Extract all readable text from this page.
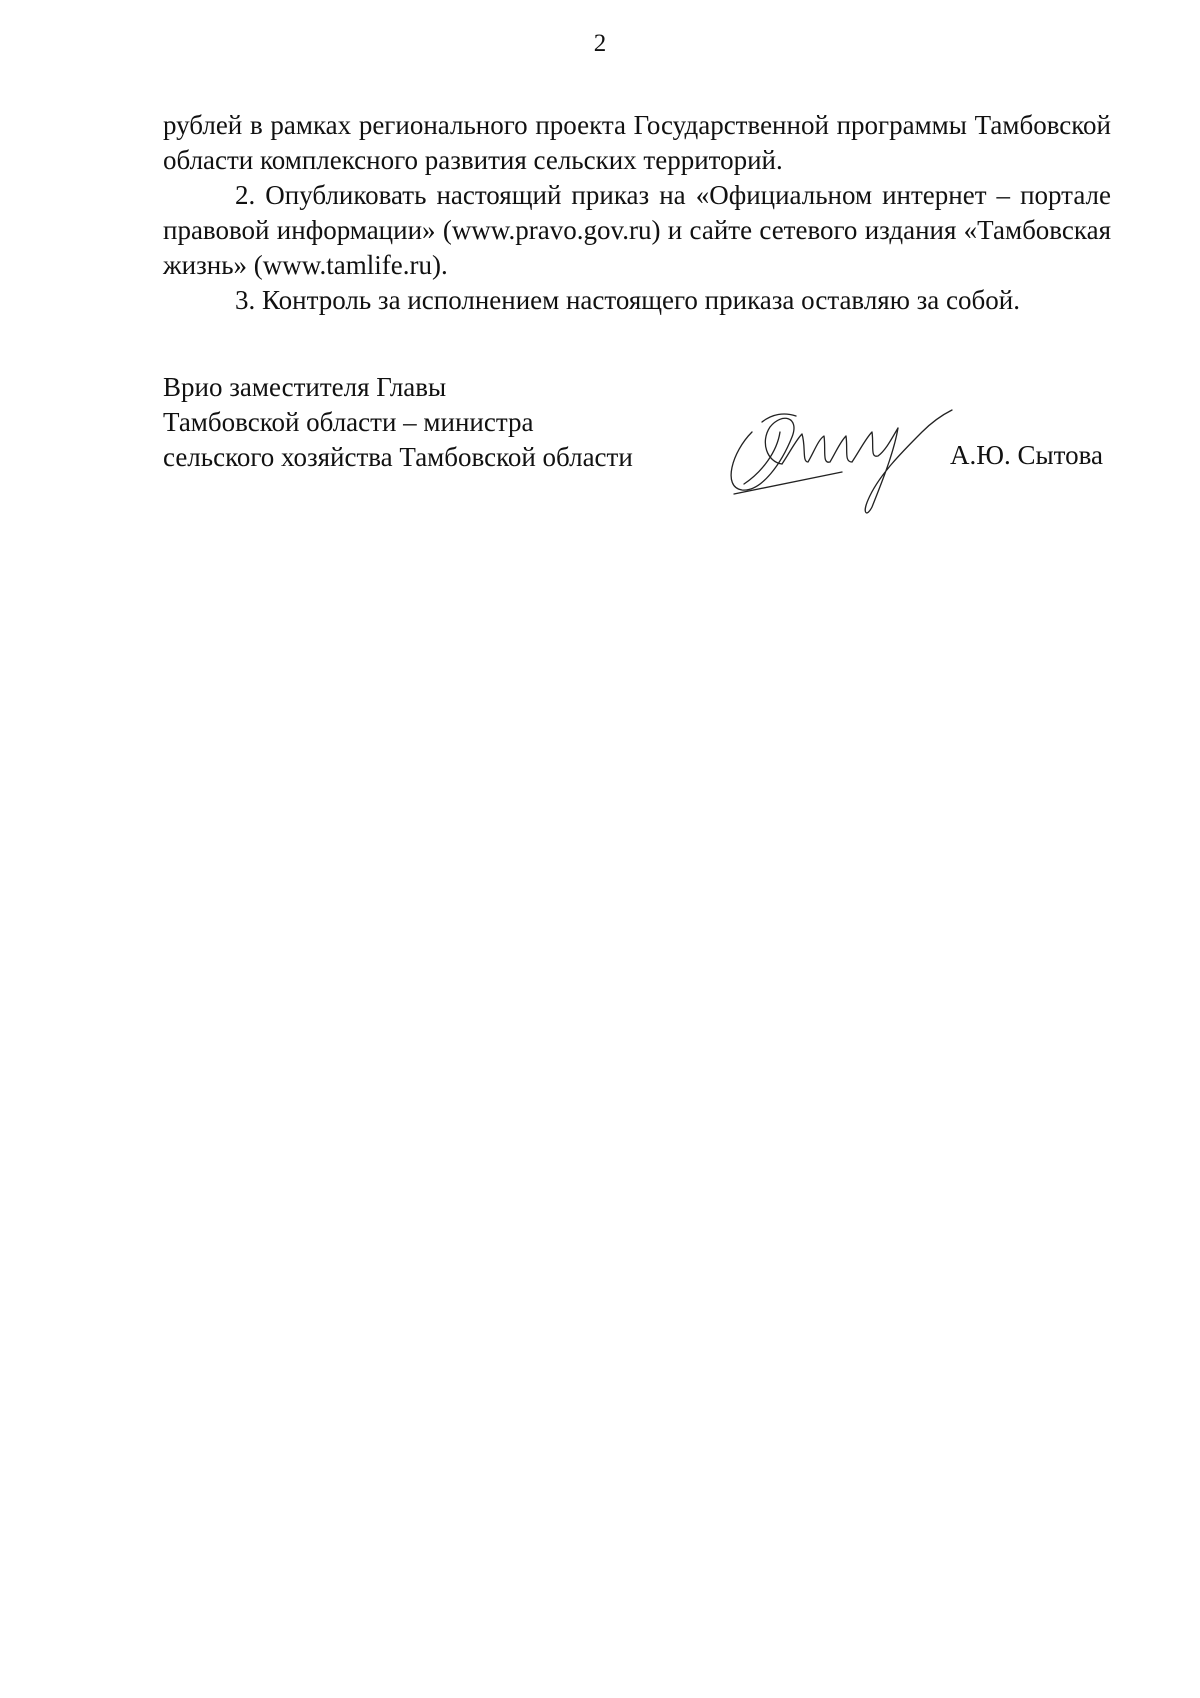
2

рублей в рамках регионального проекта Государственной программы Тамбовской области комплексного развития сельских территорий.

2. Опубликовать настоящий приказ на «Официальном интернет – портале правовой информации» (www.pravo.gov.ru) и сайте сетевого издания «Тамбовская жизнь» (www.tamlife.ru).

3. Контроль за исполнением настоящего приказа оставляю за собой.

Врио заместителя Главы
Тамбовской области – министра
сельского хозяйства Тамбовской области	А.Ю. Сытова
